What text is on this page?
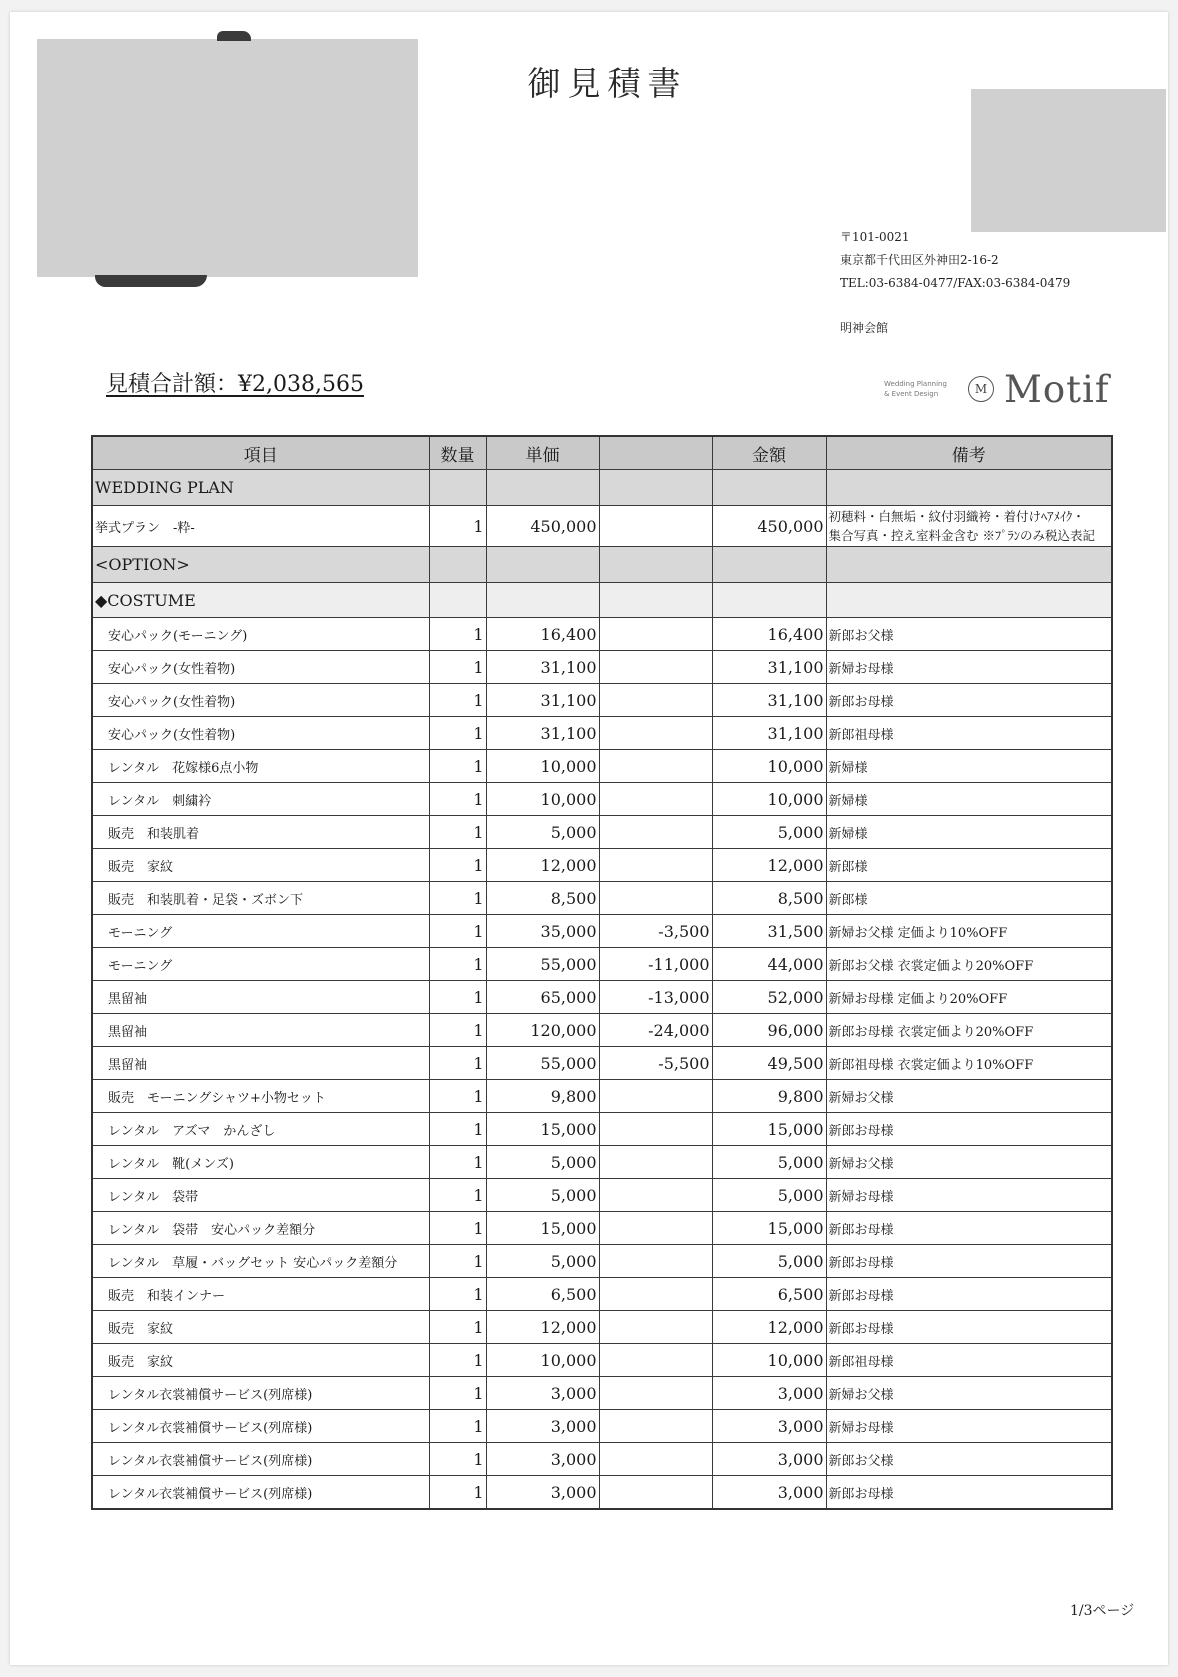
御見積書
〒101-0021
東京都千代田区外神田2-16-2
TEL:03-6384-0477/FAX:03-6384-0479
明神会館
見積合計額：¥2,038,565	Wedding Planning
& Event Design	M Motif
1/3ページ
項目	数量	単価		金額	備考
WEDDING PLAN					
挙式プラン　-粋-	1	450,000		450,000	初穂料・白無垢・紋付羽織袴・着付けﾍｱﾒｲｸ・
集合写真・控え室料金含む ※ﾌﾟﾗﾝのみ税込表記

<OPTION>					
◆COSTUME					
安心パック(モーニング)	1	16,400		16,400	新郎お父様
安心パック(女性着物)	1	31,100		31,100	新婦お母様
安心パック(女性着物)	1	31,100		31,100	新郎お母様
安心パック(女性着物)	1	31,100		31,100	新郎祖母様
レンタル　花嫁様6点小物	1	10,000		10,000	新婦様
レンタル　刺繍衿	1	10,000		10,000	新婦様
販売　和装肌着	1	5,000		5,000	新婦様
販売　家紋	1	12,000		12,000	新郎様
販売　和装肌着・足袋・ズボン下	1	8,500		8,500	新郎様
モーニング	1	35,000	-3,500	31,500	新婦お父様 定価より10%OFF
モーニング	1	55,000	-11,000	44,000	新郎お父様 衣裳定価より20%OFF
黒留袖	1	65,000	-13,000	52,000	新婦お母様 定価より20%OFF
黒留袖	1	120,000	-24,000	96,000	新郎お母様 衣裳定価より20%OFF
黒留袖	1	55,000	-5,500	49,500	新郎祖母様 衣裳定価より10%OFF
販売　モーニングシャツ+小物セット	1	9,800		9,800	新婦お父様
レンタル　アズマ　かんざし	1	15,000		15,000	新郎お母様
レンタル　靴(メンズ)	1	5,000		5,000	新婦お父様
レンタル　袋帯	1	5,000		5,000	新婦お母様
レンタル　袋帯　安心パック差額分	1	15,000		15,000	新郎お母様
レンタル　草履・バッグセット 安心パック差額分	1	5,000		5,000	新郎お母様
販売　和装インナー	1	6,500		6,500	新郎お母様
販売　家紋	1	12,000		12,000	新郎お母様
販売　家紋	1	10,000		10,000	新郎祖母様
レンタル衣裳補償サービス(列席様)	1	3,000		3,000	新婦お父様
レンタル衣裳補償サービス(列席様)	1	3,000		3,000	新婦お母様
レンタル衣裳補償サービス(列席様)	1	3,000		3,000	新郎お父様
レンタル衣裳補償サービス(列席様)	1	3,000		3,000	新郎お母様
